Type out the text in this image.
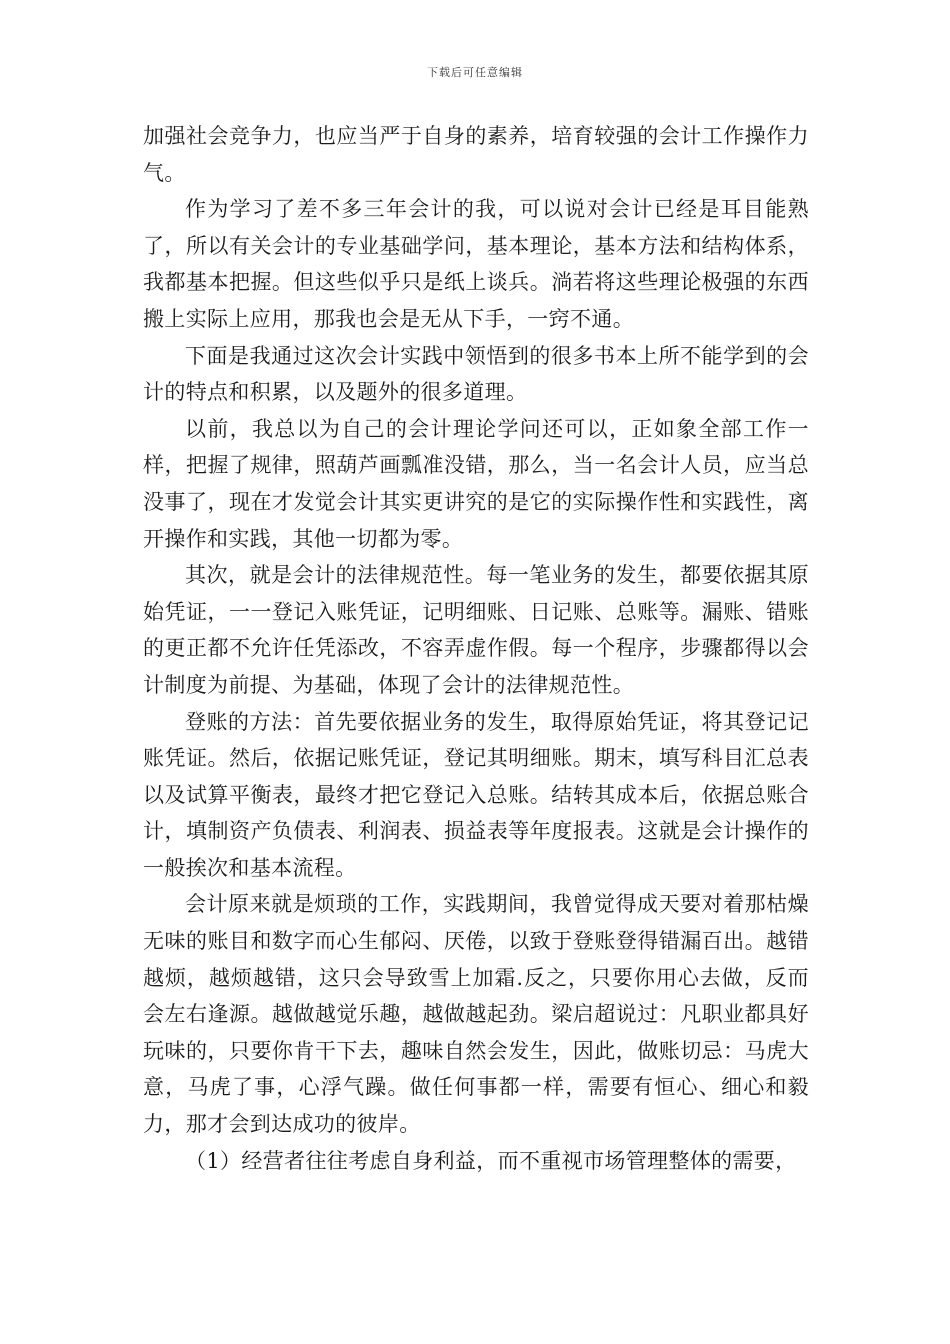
下载后可任意编辑

加强社会竞争力，也应当严于自身的素养，培育较强的会计工作操作力气。

作为学习了差不多三年会计的我，可以说对会计已经是耳目能熟了，所以有关会计的专业基础学问，基本理论，基本方法和结构体系，我都基本把握。但这些似乎只是纸上谈兵。淌若将这些理论极强的东西搬上实际上应用，那我也会是无从下手，一窍不通。

下面是我通过这次会计实践中领悟到的很多书本上所不能学到的会计的特点和积累，以及题外的很多道理。

以前，我总以为自己的会计理论学问还可以，正如象全部工作一样，把握了规律，照葫芦画瓢准没错，那么，当一名会计人员，应当总没事了，现在才发觉会计其实更讲究的是它的实际操作性和实践性，离开操作和实践，其他一切都为零。

其次，就是会计的法律规范性。每一笔业务的发生，都要依据其原始凭证，一一登记入账凭证，记明细账、日记账、总账等。漏账、错账的更正都不允许任凭添改，不容弄虚作假。每一个程序，步骤都得以会计制度为前提、为基础，体现了会计的法律规范性。

登账的方法：首先要依据业务的发生，取得原始凭证，将其登记记账凭证。然后，依据记账凭证，登记其明细账。期末，填写科目汇总表以及试算平衡表，最终才把它登记入总账。结转其成本后，依据总账合计，填制资产负债表、利润表、损益表等年度报表。这就是会计操作的一般挨次和基本流程。

会计原来就是烦琐的工作，实践期间，我曾觉得成天要对着那枯燥无味的账目和数字而心生郁闷、厌倦，以致于登账登得错漏百出。越错越烦，越烦越错，这只会导致雪上加霜.反之，只要你用心去做，反而会左右逢源。越做越觉乐趣，越做越起劲。梁启超说过：凡职业都具好玩味的，只要你肯干下去，趣味自然会发生，因此，做账切忌：马虎大意，马虎了事，心浮气躁。做任何事都一样，需要有恒心、细心和毅力，那才会到达成功的彼岸。

（1）经营者往往考虑自身利益，而不重视市场管理整体的需要，
